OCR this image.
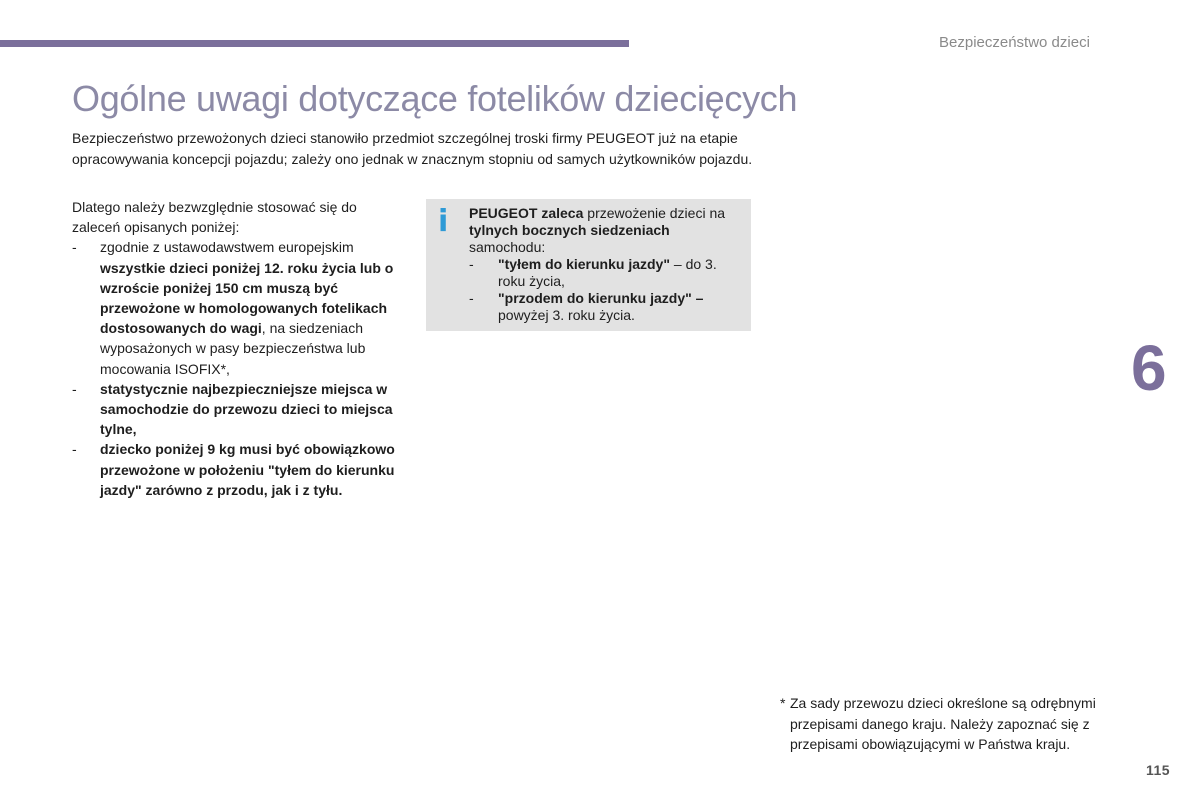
Bezpieczeństwo dzieci
Ogólne uwagi dotyczące fotelików dziecięcych

Bezpieczeństwo przewożonych dzieci stanowiło przedmiot szczególnej troski firmy PEUGEOT już na etapie opracowywania koncepcji pojazdu; zależy ono jednak w znacznym stopniu od samych użytkowników pojazdu.

Dlatego należy bezwzględnie stosować się do zaleceń opisanych poniżej:

- zgodnie z ustawodawstwem europejskim wszystkie dzieci poniżej 12. roku życia lub o wzroście poniżej 150 cm muszą być przewożone w homologowanych fotelikach dostosowanych do wagi, na siedzeniach wyposażonych w pasy bezpieczeństwa lub mocowania ISOFIX*,
- statystycznie najbezpieczniejsze miejsca w samochodzie do przewozu dzieci to miejsca tylne,
- dziecko poniżej 9 kg musi być obowiązkowo przewożone w położeniu "tyłem do kierunku jazdy" zarówno z przodu, jak i z tyłu.
i PEUGEOT zaleca przewożenie dzieci na tylnych bocznych siedzeniach samochodu:

- "tyłem do kierunku jazdy" – do 3. roku życia,
- "przodem do kierunku jazdy" – powyżej 3. roku życia.
6
* Za sady przewozu dzieci określone są odrębnymi przepisami danego kraju. Należy zapoznać się z przepisami obowiązującymi w Państwa kraju.
115
